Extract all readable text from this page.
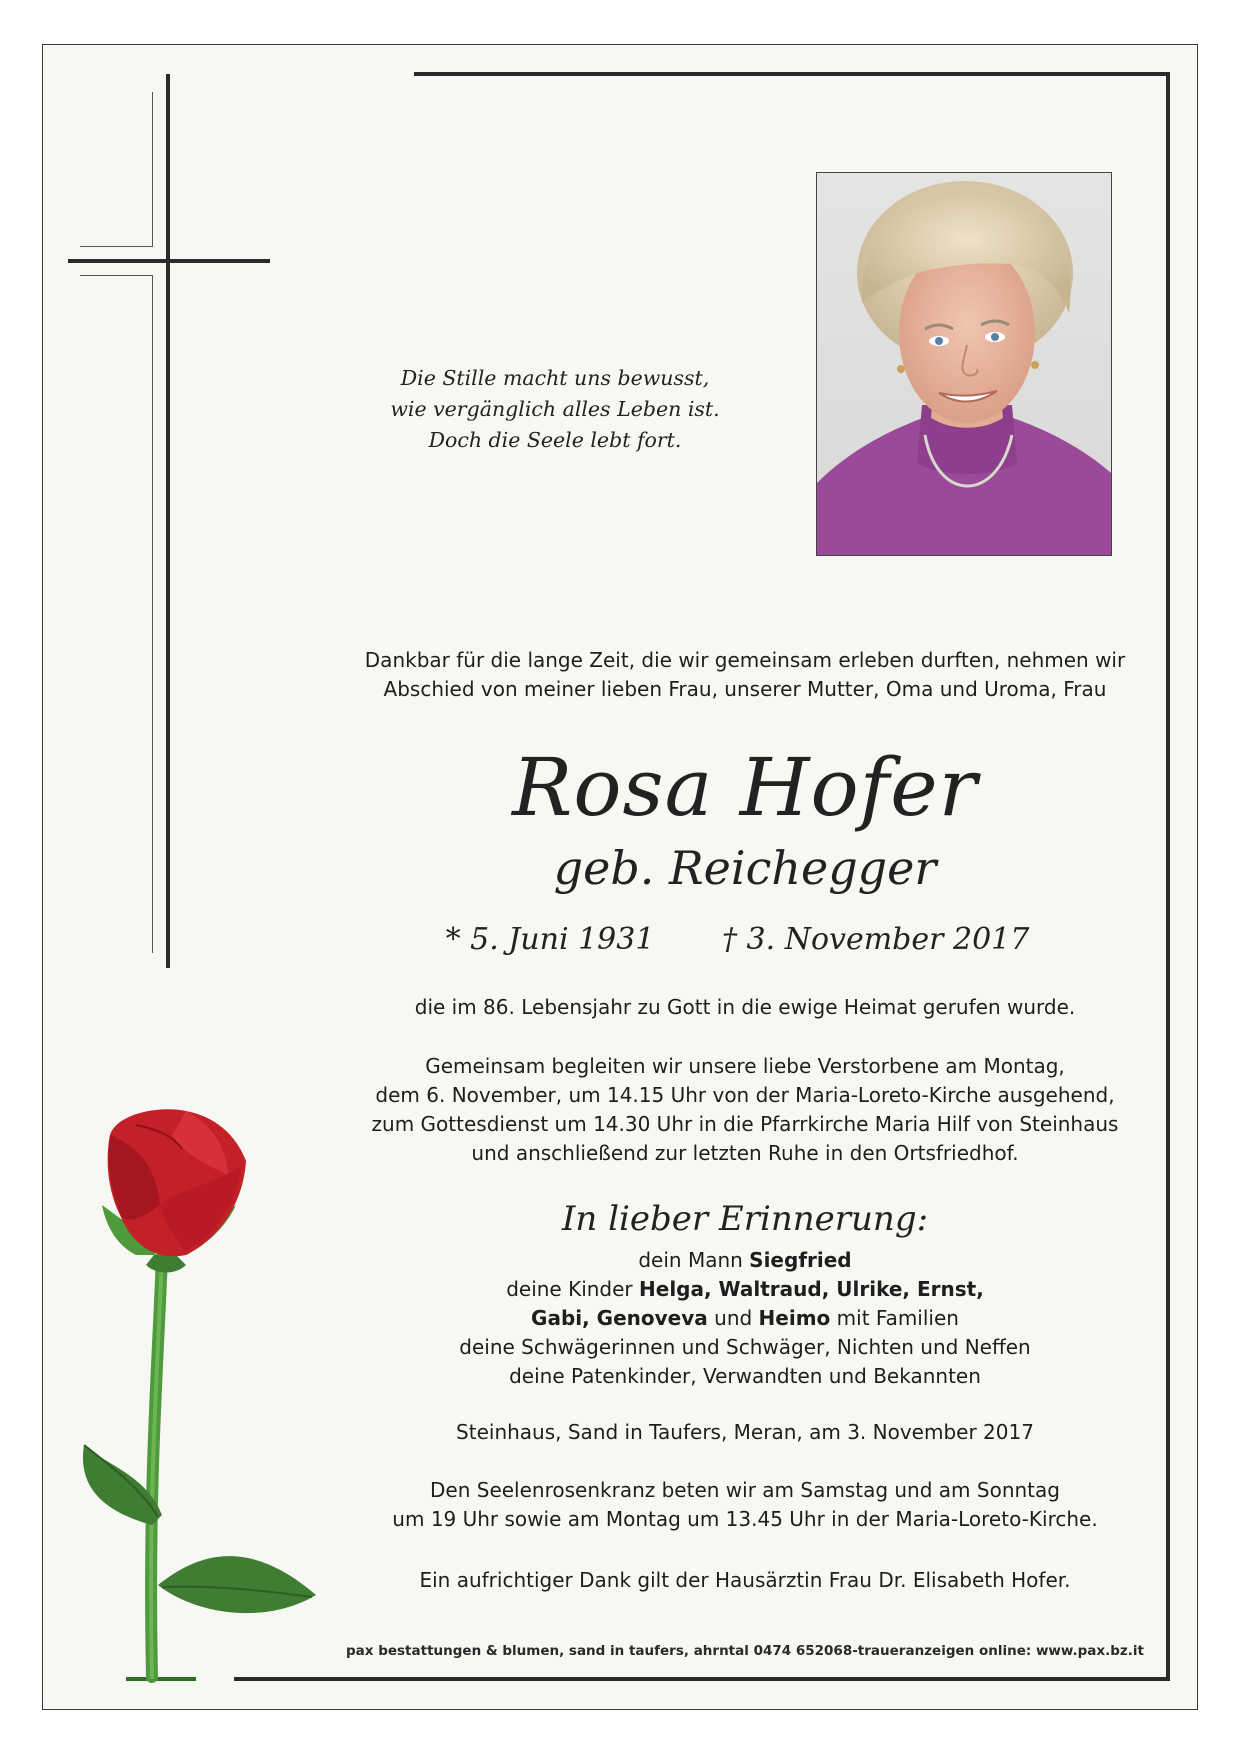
Die Stille macht uns bewusst,
wie vergänglich alles Leben ist.
Doch die Seele lebt fort.
Dankbar für die lange Zeit, die wir gemeinsam erleben durften, nehmen wir
Abschied von meiner lieben Frau, unserer Mutter, Oma und Uroma, Frau
Rosa Hofer
geb. Reichegger
* 5. Juni 1931	† 3. November 2017
die im 86. Lebensjahr zu Gott in die ewige Heimat gerufen wurde.
Gemeinsam begleiten wir unsere liebe Verstorbene am Montag,
dem 6. November, um 14.15 Uhr von der Maria-Loreto-Kirche ausgehend,
zum Gottesdienst um 14.30 Uhr in die Pfarrkirche Maria Hilf von Steinhaus
und anschließend zur letzten Ruhe in den Ortsfriedhof.
In lieber Erinnerung:
dein Mann Siegfried
deine Kinder Helga, Waltraud, Ulrike, Ernst,
Gabi, Genoveva und Heimo mit Familien
deine Schwägerinnen und Schwäger, Nichten und Neffen
deine Patenkinder, Verwandten und Bekannten
Steinhaus, Sand in Taufers, Meran, am 3. November 2017
Den Seelenrosenkranz beten wir am Samstag und am Sonntag
um 19 Uhr sowie am Montag um 13.45 Uhr in der Maria-Loreto-Kirche.
Ein aufrichtiger Dank gilt der Hausärztin Frau Dr. Elisabeth Hofer.
pax bestattungen & blumen, sand in taufers, ahrntal 0474 652068-traueranzeigen online: www.pax.bz.it
